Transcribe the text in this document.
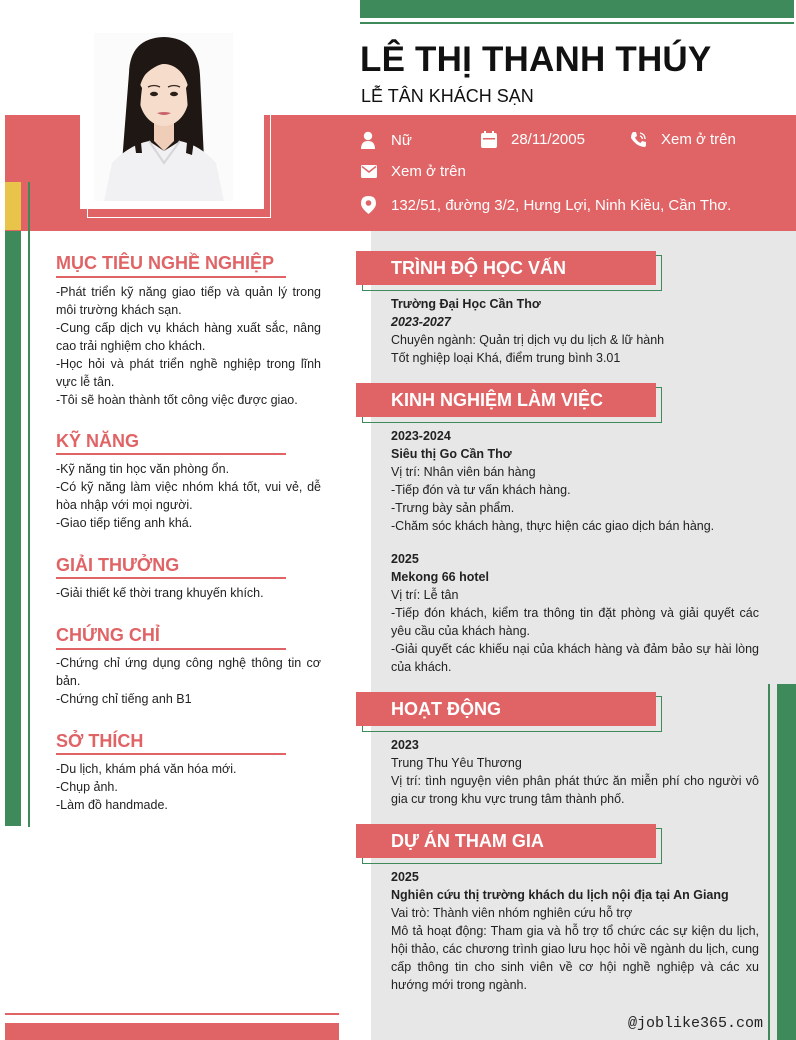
LÊ THỊ THANH THÚY
LỄ TÂN KHÁCH SẠN
Nữ	28/11/2005	Xem ở trên
Xem ở trên
132/51, đường 3/2, Hưng Lợi, Ninh Kiều, Cần Thơ.
MỤC TIÊU NGHỀ NGHIỆP
-Phát triển kỹ năng giao tiếp và quản lý trong môi trường khách sạn.
-Cung cấp dịch vụ khách hàng xuất sắc, nâng cao trải nghiệm cho khách.
-Học hỏi và phát triển nghề nghiệp trong lĩnh vực lễ tân.
-Tôi sẽ hoàn thành tốt công việc được giao.
KỸ NĂNG
-Kỹ năng tin học văn phòng ổn.
-Có kỹ năng làm việc nhóm khá tốt, vui vẻ, dễ hòa nhập với mọi người.
-Giao tiếp tiếng anh khá.
GIẢI THƯỞNG
-Giải thiết kế thời trang khuyến khích.
CHỨNG CHỈ
-Chứng chỉ ứng dụng công nghệ thông tin cơ bản.
-Chứng chỉ tiếng anh B1
SỞ THÍCH
-Du lịch, khám phá văn hóa mới.
-Chụp ảnh.
-Làm đồ handmade.
TRÌNH ĐỘ HỌC VẤN
Trường Đại Học Cần Thơ
2023-2027
Chuyên ngành: Quản trị dịch vụ du lịch & lữ hành
Tốt nghiệp loại Khá, điểm trung bình 3.01
KINH NGHIỆM LÀM VIỆC
2023-2024
Siêu thị Go Cần Thơ
Vị trí: Nhân viên bán hàng
-Tiếp đón và tư vấn khách hàng.
-Trưng bày sản phẩm.
-Chăm sóc khách hàng, thực hiện các giao dịch bán hàng.
2025
Mekong 66 hotel
Vị trí: Lễ tân
-Tiếp đón khách, kiểm tra thông tin đặt phòng và giải quyết các yêu cầu của khách hàng.
-Giải quyết các khiếu nại của khách hàng và đảm bảo sự hài lòng của khách.
HOẠT ĐỘNG
2023
Trung Thu Yêu Thương
Vị trí: tình nguyện viên phân phát thức ăn miễn phí cho người vô gia cư trong khu vực trung tâm thành phố.
DỰ ÁN THAM GIA
2025
Nghiên cứu thị trường khách du lịch nội địa tại An Giang
Vai trò: Thành viên nhóm nghiên cứu hỗ trợ
Mô tả hoạt động: Tham gia và hỗ trợ tổ chức các sự kiện du lịch, hội thảo, các chương trình giao lưu học hỏi về ngành du lịch, cung cấp thông tin cho sinh viên về cơ hội nghề nghiệp và các xu hướng mới trong ngành.
@joblike365.com
